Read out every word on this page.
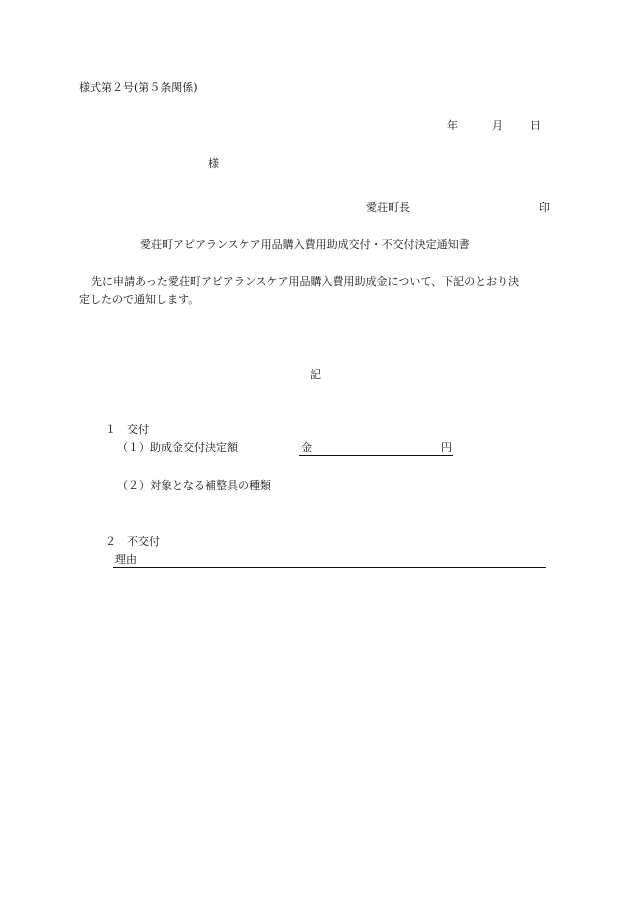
様式第２号(第５条関係)
年	月 日
様
愛荘町長	印
愛荘町アピアランスケア用品購入費用助成交付・不交付決定通知書
先に申請あった愛荘町アピアランスケア用品購入費用助成金について、下記のとおり決
定したので通知します。
記
１　交付
（１）助成金交付決定額	金	円
（２）対象となる補整具の種類
２　不交付
理由
